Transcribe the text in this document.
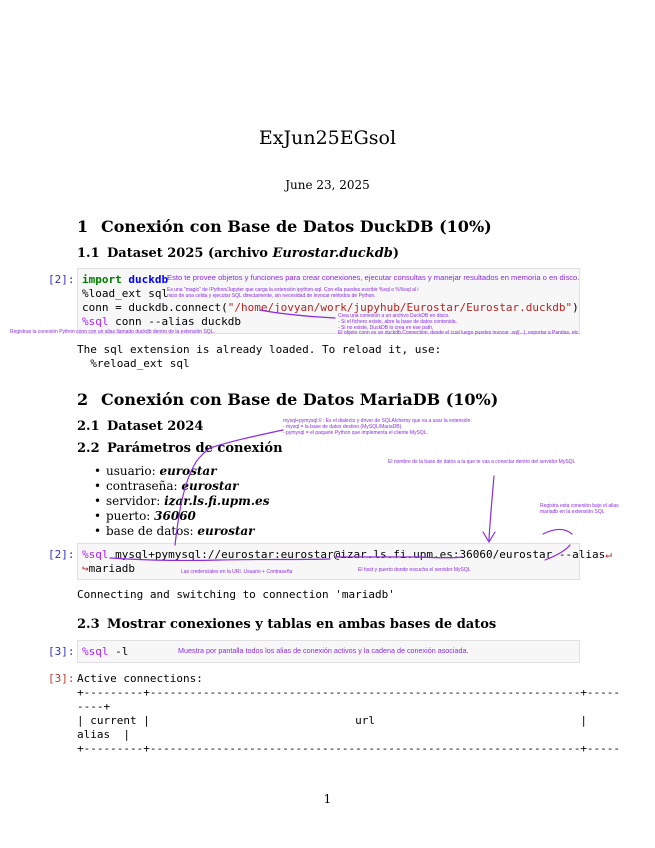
ExJun25EGsol
June 23, 2025
1 Conexión con Base de Datos DuckDB (10%)
1.1 Dataset 2025 (archivo Eurostar.duckdb)
[2]: import duckdb
%load_ext sql
conn = duckdb.connect("/home/jovyan/work/jupyhub/Eurostar/Eurostar.duckdb")
%sql conn --alias duckdb
Esto te provee objetos y funciones para crear conexiones, ejecutar consultas y manejar resultados en memoria o en disco.
Es una "magic" de IPython/Jupyter que carga la extensión ipython-sql. Con ella puedes escribir %sql o %%sql al i
nicio de una celda y ejecutar SQL directamente, sin necesidad de invocar métodos de Python.
Crea una conexión a un archivo DuckDB en disco.
- Si el fichero existe, abre la base de datos contenida.
- Si no existe, DuckDB lo crea en ese path.
El objeto conn es un duckdb.Connection, desde el cual luego puedes invocar .sql(...), exportar a Pandas, etc.
Registras la conexión Python conn con un alias llamado duckdb dentro de la extensión SQL.
The sql extension is already loaded. To reload it, use:
%reload_ext sql
2 Conexión con Base de Datos MariaDB (10%)
2.1 Dataset 2024
2.2 Parámetros de conexión
mysql+pymysql:// : Es el dialecto y driver de SQLAlchemy que va a usar la extensión:
- mysql = la base de datos destino (MySQL/MariaDB).
- pymysql = el paquete Python que implementa el cliente MySQL.
• usuario: eurostar
• contraseña: eurostar
• servidor: izar.ls.fi.upm.es
• puerto: 36060
• base de datos: eurostar
El nombre de la base de datos a la que te vas a conectar dentro del servidor MySQL
Registra esta conexión bajo el alias
mariadb en la extensión SQL
[2]: %sql mysql+pymysql://eurostar:eurostar@izar.ls.fi.upm.es:36060/eurostar --alias↵
↪mariadb	Las credenciales en la URI. Usuario + Contraseña	El host y puerto donde escucha el servidor MySQL
Connecting and switching to connection 'mariadb'
2.3 Mostrar conexiones y tablas en ambas bases de datos
[3]: %sql -l	Muestra por pantalla todos los alias de conexión activos y la cadena de conexión asociada.
[3]: Active connections:
+---------+-----------------------------------------------------------------+-----
----+
| current |                               url                               |
alias  |
+---------+-----------------------------------------------------------------+-----
1
